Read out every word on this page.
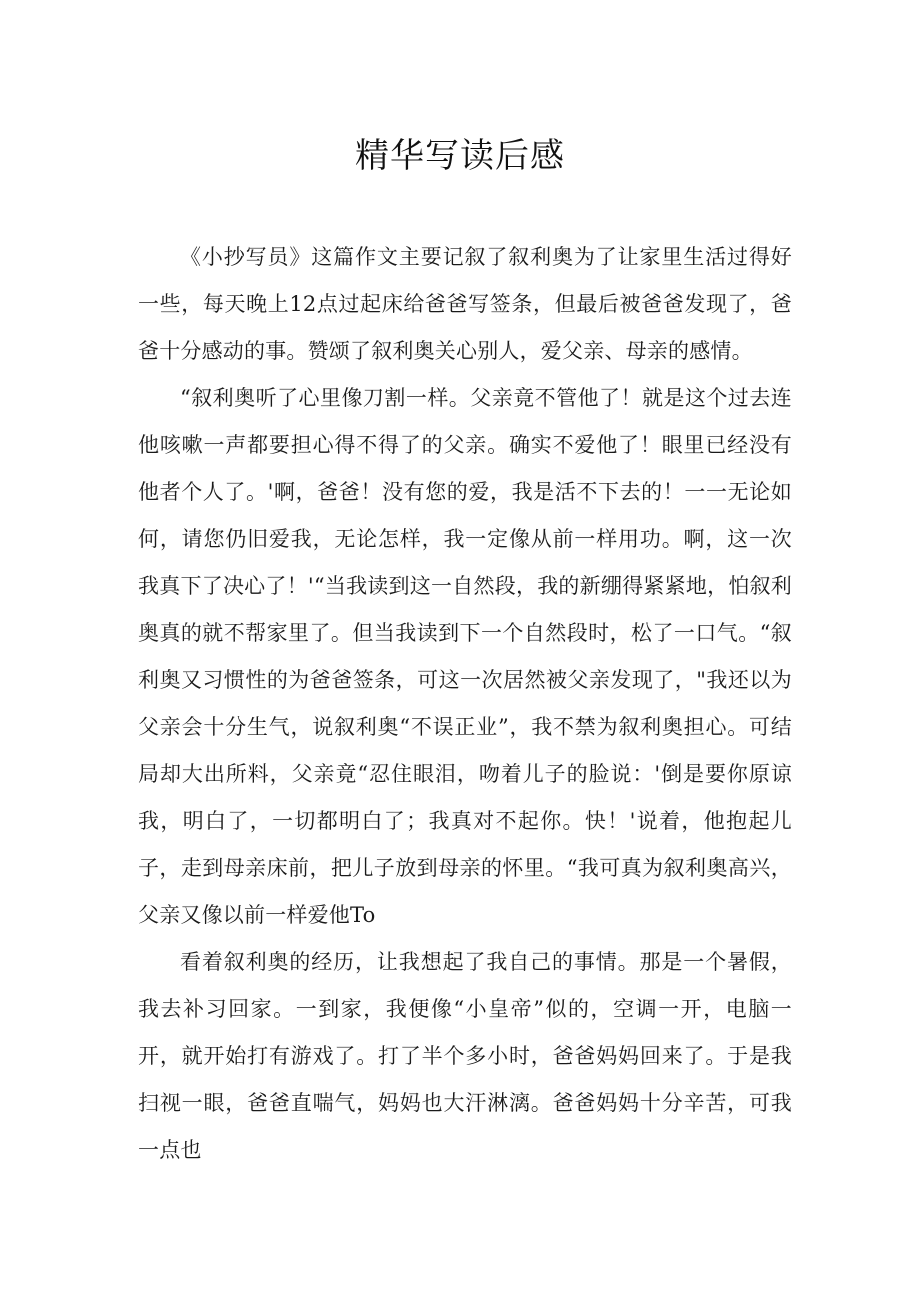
精华写读后感

《小抄写员》这篇作文主要记叙了叙利奥为了让家里生活过得好一些，每天晚上12点过起床给爸爸写签条，但最后被爸爸发现了，爸爸十分感动的事。赞颂了叙利奥关心别人，爱父亲、母亲的感情。

“叙利奥听了心里像刀割一样。父亲竟不管他了！就是这个过去连他咳嗽一声都要担心得不得了的父亲。确实不爱他了！眼里已经没有他者个人了。'啊，爸爸！没有您的爱，我是活不下去的！一一无论如何，请您仍旧爱我，无论怎样，我一定像从前一样用功。啊，这一次我真下了决心了！'“当我读到这一自然段，我的新绷得紧紧地，怕叙利奥真的就不帮家里了。但当我读到下一个自然段时，松了一口气。“叙利奥又习惯性的为爸爸签条，可这一次居然被父亲发现了，"我还以为父亲会十分生气，说叙利奥“不误正业”，我不禁为叙利奥担心。可结局却大出所料，父亲竟“忍住眼泪，吻着儿子的脸说：'倒是要你原谅我，明白了，一切都明白了；我真对不起你。快！'说着，他抱起儿子，走到母亲床前，把儿子放到母亲的怀里。“我可真为叙利奥高兴，父亲又像以前一样爱他To

看着叙利奥的经历，让我想起了我自己的事情。那是一个暑假，我去补习回家。一到家，我便像“小皇帝”似的，空调一开，电脑一开，就开始打有游戏了。打了半个多小时，爸爸妈妈回来了。于是我扫视一眼，爸爸直喘气，妈妈也大汗淋漓。爸爸妈妈十分辛苦，可我一点也
